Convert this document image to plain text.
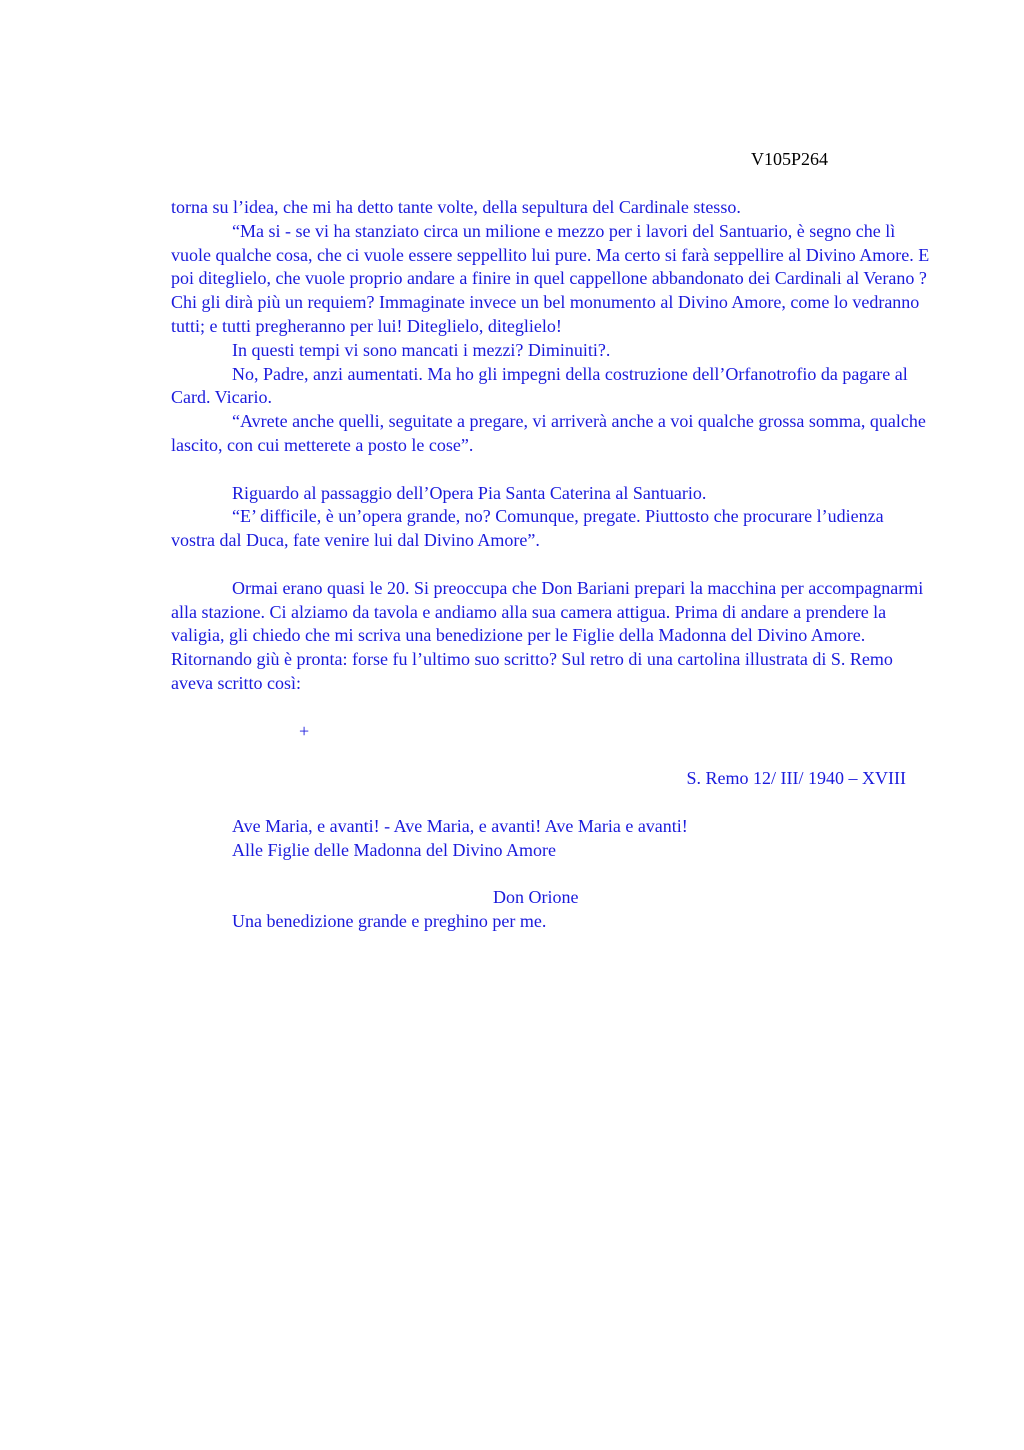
V105P264

torna su l’idea, che mi ha detto tante volte, della sepultura del Cardinale stesso.

“Ma si - se vi ha stanziato circa un milione e mezzo per i lavori del Santuario, è segno che lì vuole qualche cosa, che ci vuole essere seppellito lui pure. Ma certo si farà seppellire al Divino Amore. E poi diteglielo, che vuole proprio andare a finire in quel cappellone abbandonato dei Cardinali al Verano ? Chi gli dirà più un requiem? Immaginate invece un bel monumento al Divino Amore, come lo vedranno tutti; e tutti pregheranno per lui! Diteglielo, diteglielo!

In questi tempi vi sono mancati i mezzi? Diminuiti?.

No, Padre, anzi aumentati. Ma ho gli impegni della costruzione dell’Orfanotrofio da pagare al Card. Vicario.

“Avrete anche quelli, seguitate a pregare, vi arriverà anche a voi qualche grossa somma, qualche lascito, con cui metterete a posto le cose”.

Riguardo al passaggio dell’Opera Pia Santa Caterina al Santuario.

“E’ difficile, è un’opera grande, no? Comunque, pregate. Piuttosto che procurare l’udienza vostra dal Duca, fate venire lui dal Divino Amore”.

Ormai erano quasi le 20. Si preoccupa che Don Bariani prepari la macchina per accompagnarmi alla stazione. Ci alziamo da tavola e andiamo alla sua camera attigua. Prima di andare a prendere la valigia, gli chiedo che mi scriva una benedizione per le Figlie della Madonna del Divino Amore. Ritornando giù è pronta: forse fu l’ultimo suo scritto? Sul retro di una cartolina illustrata di S. Remo aveva scritto così:

+

S. Remo 12/ III/ 1940 – XVIII

Ave Maria, e avanti! - Ave Maria, e avanti! Ave Maria e avanti!

Alle Figlie delle Madonna del Divino Amore

Don Orione

Una benedizione grande e preghino per me.
